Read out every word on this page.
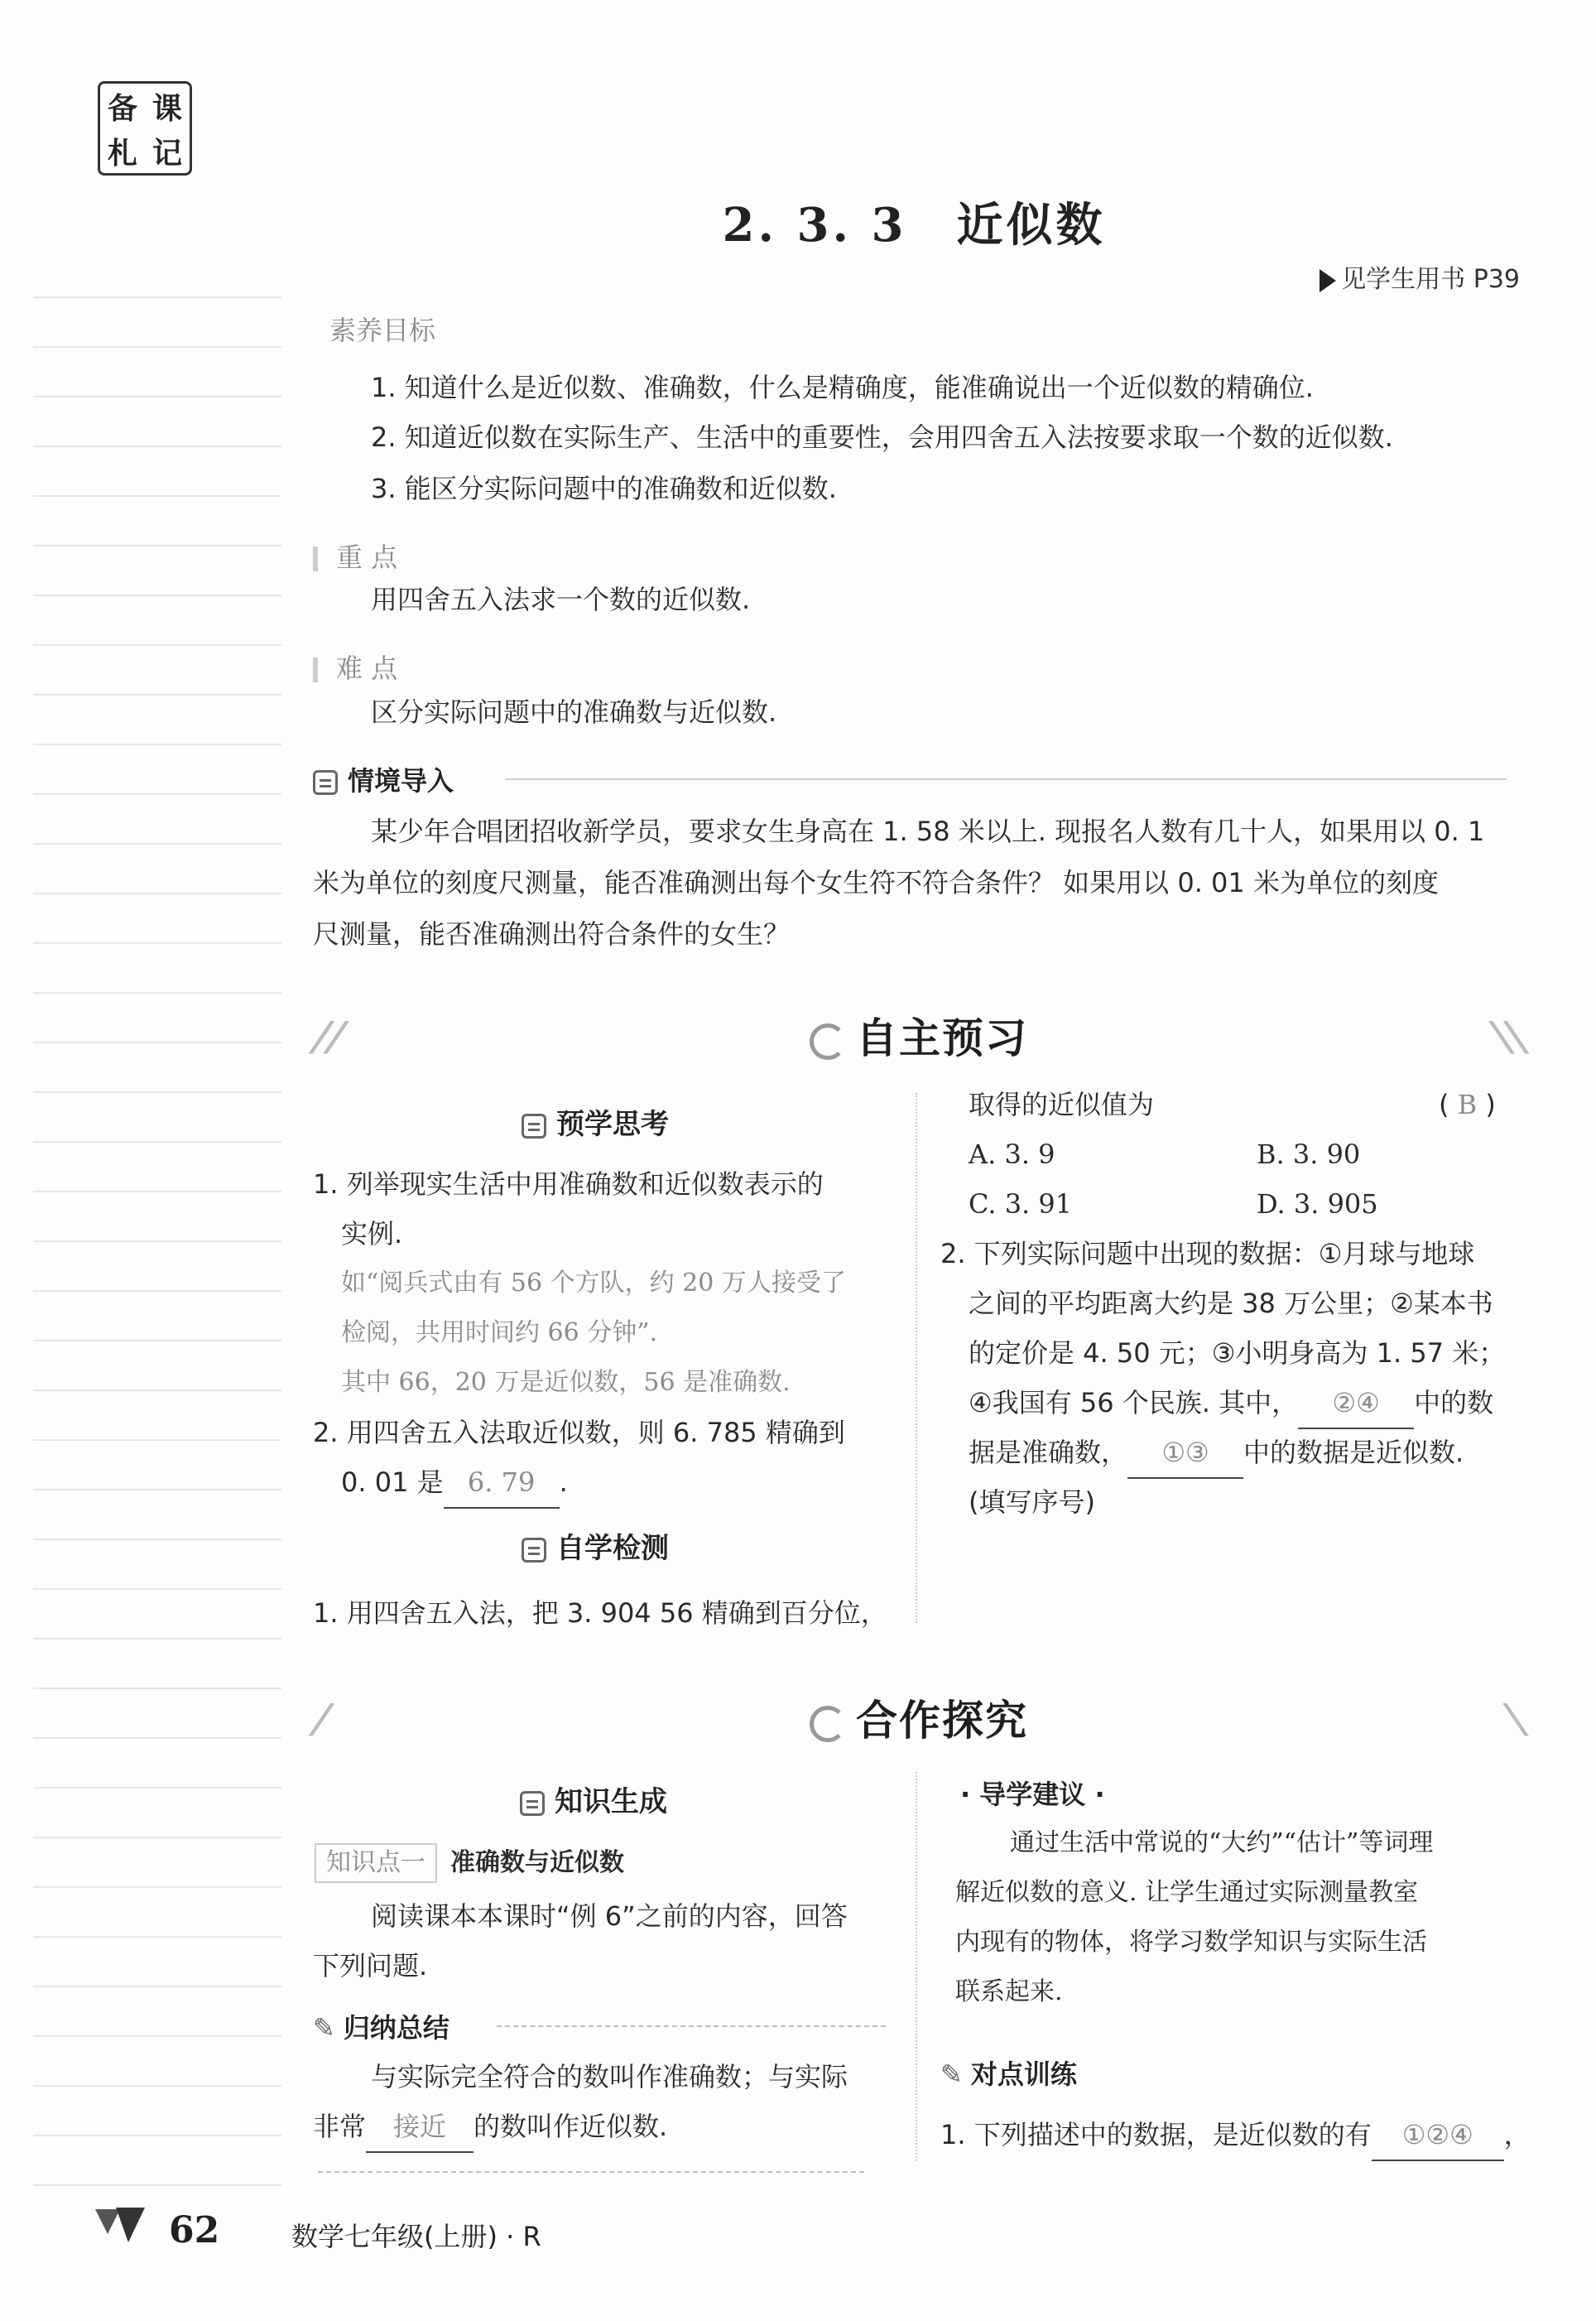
备 课
札 记
2. 3. 3 近似数
见学生用书 P39
素养目标
1. 知道什么是近似数、准确数，什么是精确度，能准确说出一个近似数的精确位.
2. 知道近似数在实际生产、生活中的重要性，会用四舍五入法按要求取一个数的近似数.
3. 能区分实际问题中的准确数和近似数.
重 点
用四舍五入法求一个数的近似数.
难 点
区分实际问题中的准确数与近似数.
情境导入
某少年合唱团招收新学员，要求女生身高在 1. 58 米以上. 现报名人数有几十人，如果用以 0. 1
米为单位的刻度尺测量，能否准确测出每个女生符不符合条件？ 如果用以 0. 01 米为单位的刻度
尺测量，能否准确测出符合条件的女生？
//	自主预习	\\
预学思考
1. 列举现实生活中用准确数和近似数表示的
实例.
如“阅兵式由有 56 个方队，约 20 万人接受了
检阅，共用时间约 66 分钟”.
其中 66，20 万是近似数，56 是准确数.
2. 用四舍五入法取近似数，则 6. 785 精确到
0. 01 是 6. 79 .
自学检测
1. 用四舍五入法，把 3. 904 56 精确到百分位，
取得的近似值为	( B )
A. 3. 9	B. 3. 90
C. 3. 91	D. 3. 905
2. 下列实际问题中出现的数据：①月球与地球
之间的平均距离大约是 38 万公里；②某本书
的定价是 4. 50 元；③小明身高为 1. 57 米；
④我国有 56 个民族. 其中， ②④ 中的数
据是准确数， ①③ 中的数据是近似数.
(填写序号)
/	合作探究	\
知识生成
知识点一 准确数与近似数
阅读课本本课时“例 6”之前的内容，回答
下列问题.
✎ 归纳总结
与实际完全符合的数叫作准确数；与实际
非常 接近 的数叫作近似数.
· 导学建议 ·
通过生活中常说的“大约”“估计”等词理
解近似数的意义. 让学生通过实际测量教室
内现有的物体，将学习数学知识与实际生活
联系起来.
✎ 对点训练
1. 下列描述中的数据，是近似数的有 ①②④ ，
62	数学七年级(上册) · R
